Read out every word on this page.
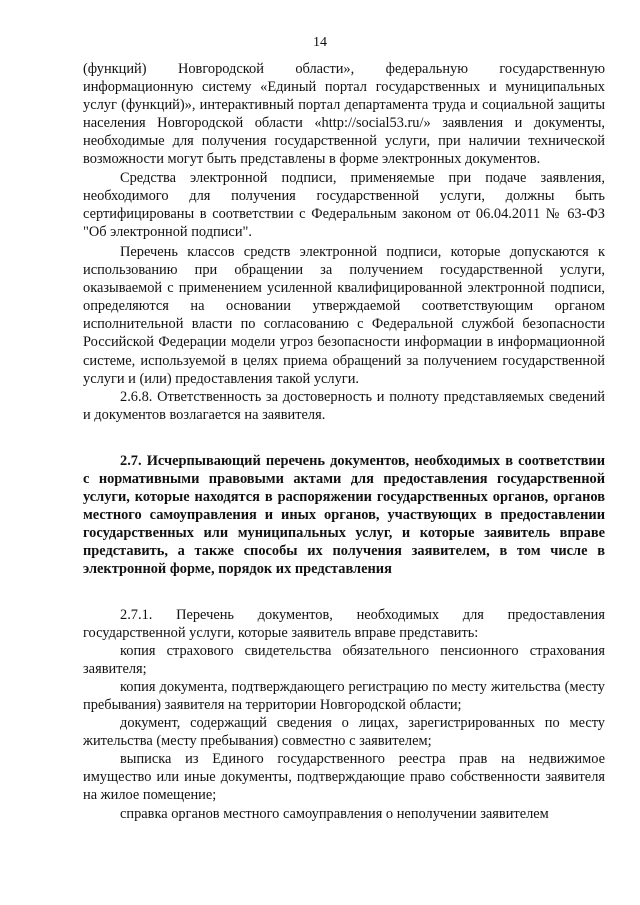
14

(функций) Новгородской области», федеральную государственную информационную систему «Единый портал государственных и муниципальных услуг (функций)», интерактивный портал департамента труда и социальной защиты населения Новгородской области «http://social53.ru/» заявления и документы, необходимые для получения государственной услуги, при наличии технической возможности могут быть представлены в форме электронных документов.

Средства электронной подписи, применяемые при подаче заявления, необходимого для получения государственной услуги, должны быть сертифицированы в соответствии с Федеральным законом от 06.04.2011 № 63-ФЗ "Об электронной подписи".

Перечень классов средств электронной подписи, которые допускаются к использованию при обращении за получением государственной услуги, оказываемой с применением усиленной квалифицированной электронной подписи, определяются на основании утверждаемой соответствующим органом исполнительной власти по согласованию с Федеральной службой безопасности Российской Федерации модели угроз безопасности информации в информационной системе, используемой в целях приема обращений за получением государственной услуги и (или) предоставления такой услуги.

2.6.8. Ответственность за достоверность и полноту представляемых сведений и документов возлагается на заявителя.

2.7. Исчерпывающий перечень документов, необходимых в соответствии с нормативными правовыми актами для предоставления государственной услуги, которые находятся в распоряжении государственных органов, органов местного самоуправления и иных органов, участвующих в предоставлении государственных или муниципальных услуг, и которые заявитель вправе представить, а также способы их получения заявителем, в том числе в электронной форме, порядок их представления

2.7.1. Перечень документов, необходимых для предоставления государственной услуги, которые заявитель вправе представить:

копия страхового свидетельства обязательного пенсионного страхования заявителя;

копия документа, подтверждающего регистрацию по месту жительства (месту пребывания) заявителя на территории Новгородской области;

документ, содержащий сведения о лицах, зарегистрированных по месту жительства (месту пребывания) совместно с заявителем;

выписка из Единого государственного реестра прав на недвижимое имущество или иные документы, подтверждающие право собственности заявителя на жилое помещение;

справка органов местного самоуправления о неполучении заявителем
